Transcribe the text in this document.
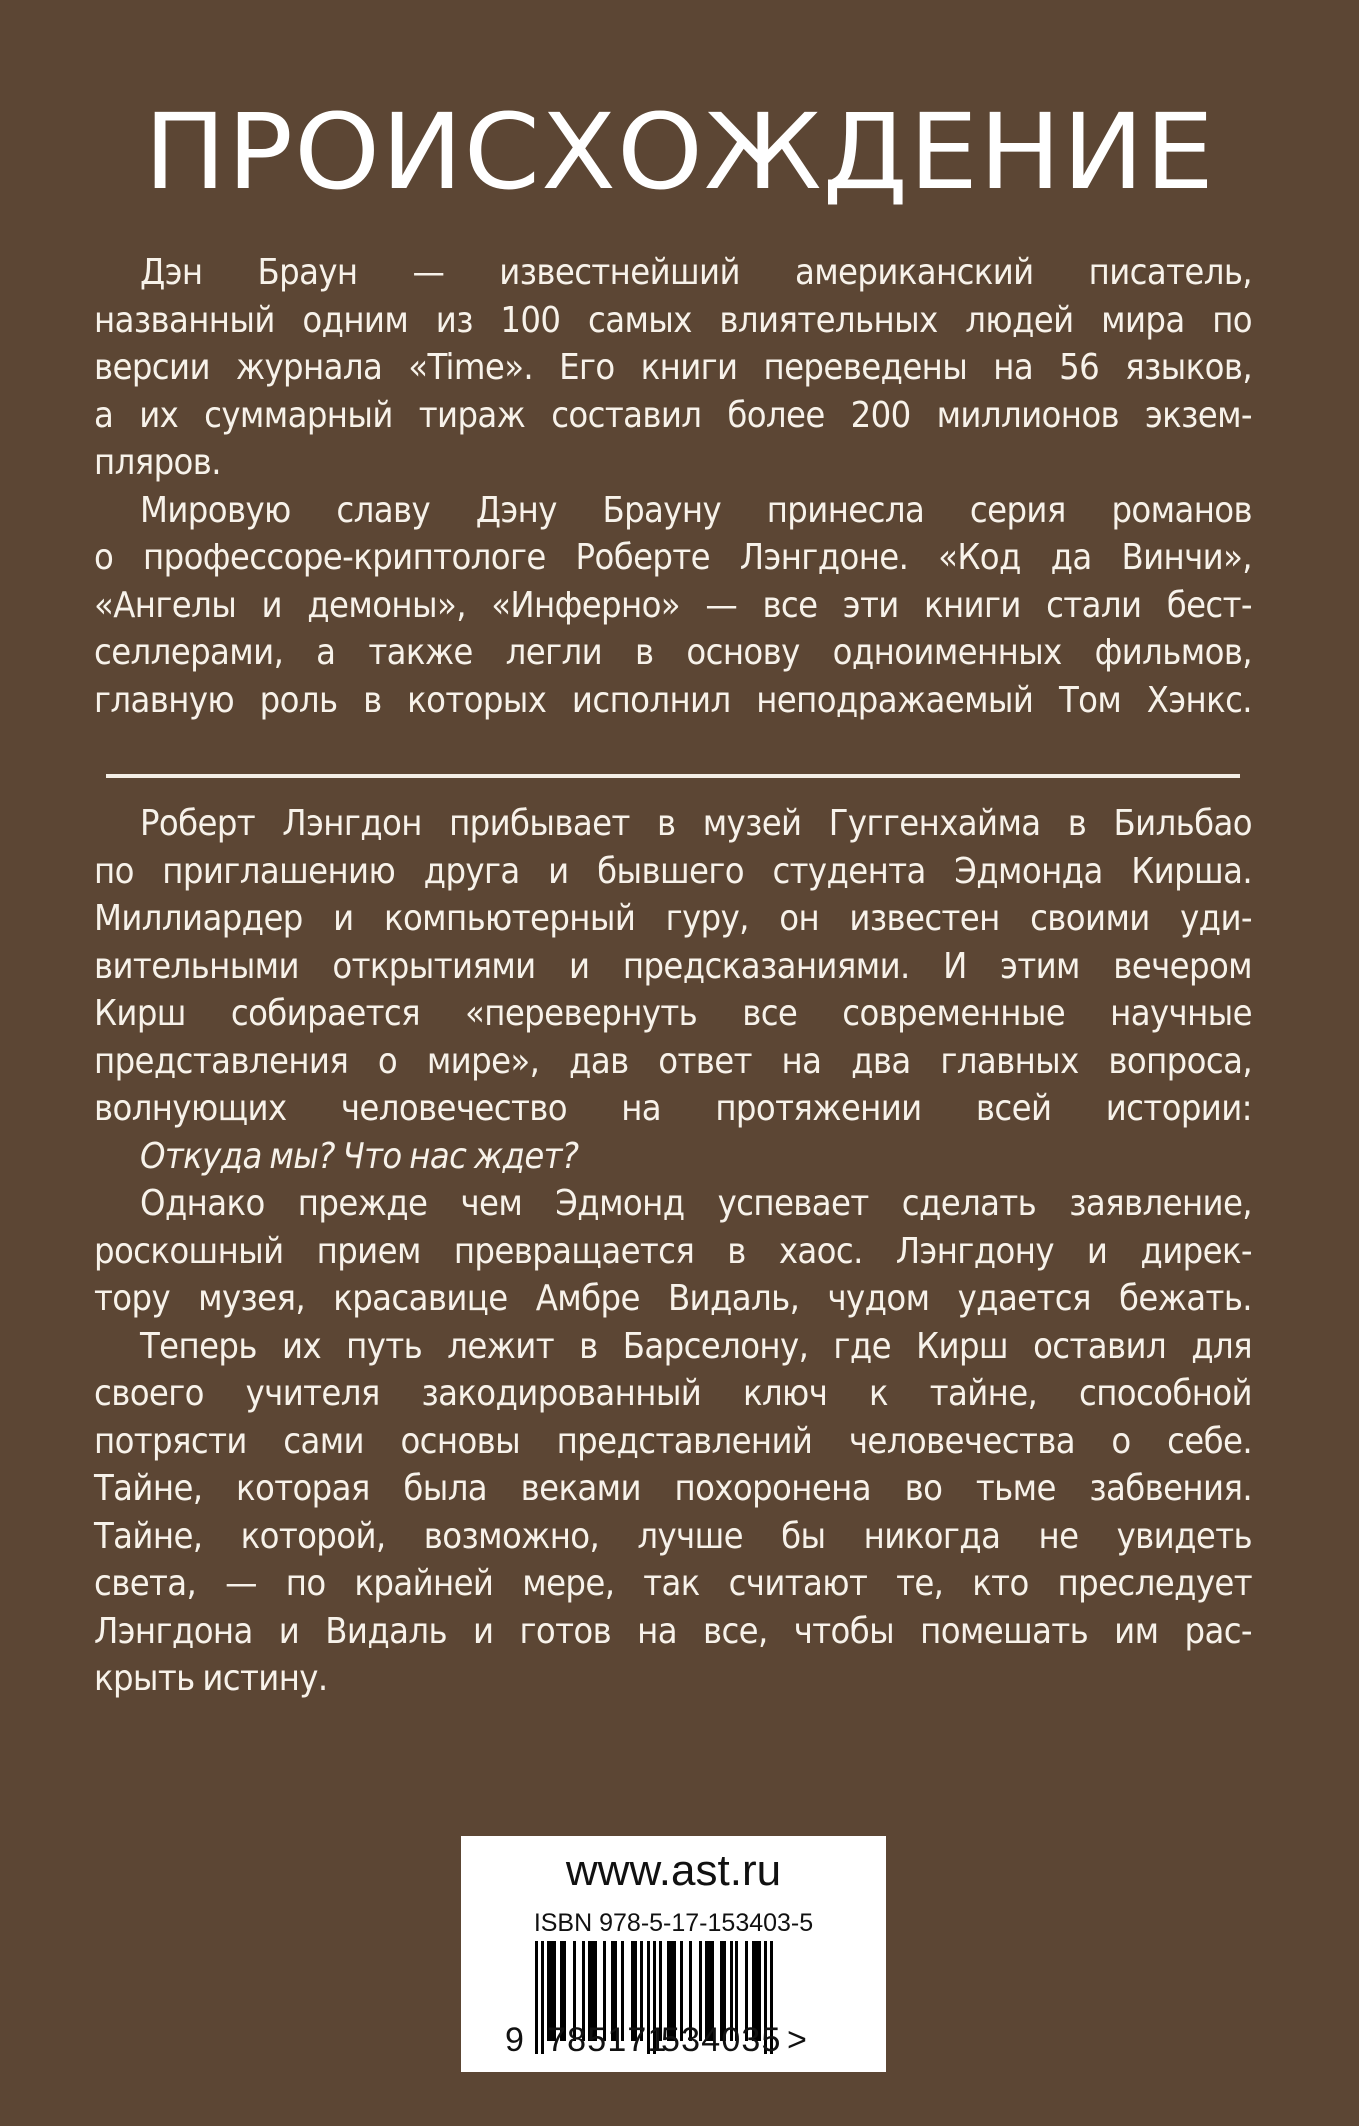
ПРОИСХОЖДЕНИЕ
Дэн Браун — известнейший американский писатель,
названный одним из 100 самых влиятельных людей мира по
версии журнала «Time». Его книги переведены на 56 языков,
а их суммарный тираж составил более 200 миллионов экзем-
пляров.
Мировую славу Дэну Брауну принесла серия романов
о профессоре-криптологе Роберте Лэнгдоне. «Код да Винчи»,
«Ангелы и демоны», «Инферно» — все эти книги стали бест-
селлерами, а также легли в основу одноименных фильмов,
главную роль в которых исполнил неподражаемый Том Хэнкс.
Роберт Лэнгдон прибывает в музей Гуггенхайма в Бильбао
по приглашению друга и бывшего студента Эдмонда Кирша.
Миллиардер и компьютерный гуру, он известен своими уди-
вительными открытиями и предсказаниями. И этим вечером
Кирш собирается «перевернуть все современные научные
представления о мире», дав ответ на два главных вопроса,
волнующих человечество на протяжении всей истории:
Откуда мы? Что нас ждет?
Однако прежде чем Эдмонд успевает сделать заявление,
роскошный прием превращается в хаос. Лэнгдону и дирек-
тору музея, красавице Амбре Видаль, чудом удается бежать.
Теперь их путь лежит в Барселону, где Кирш оставил для
своего учителя закодированный ключ к тайне, способной
потрясти сами основы представлений человечества о себе.
Тайне, которая была веками похоронена во тьме забвения.
Тайне, которой, возможно, лучше бы никогда не увидеть
света, — по крайней мере, так считают те, кто преследует
Лэнгдона и Видаль и готов на все, чтобы помешать им рас-
крыть истину.
www.ast.ru
ISBN 978-5-17-153403-5
9 785171
534035 >
